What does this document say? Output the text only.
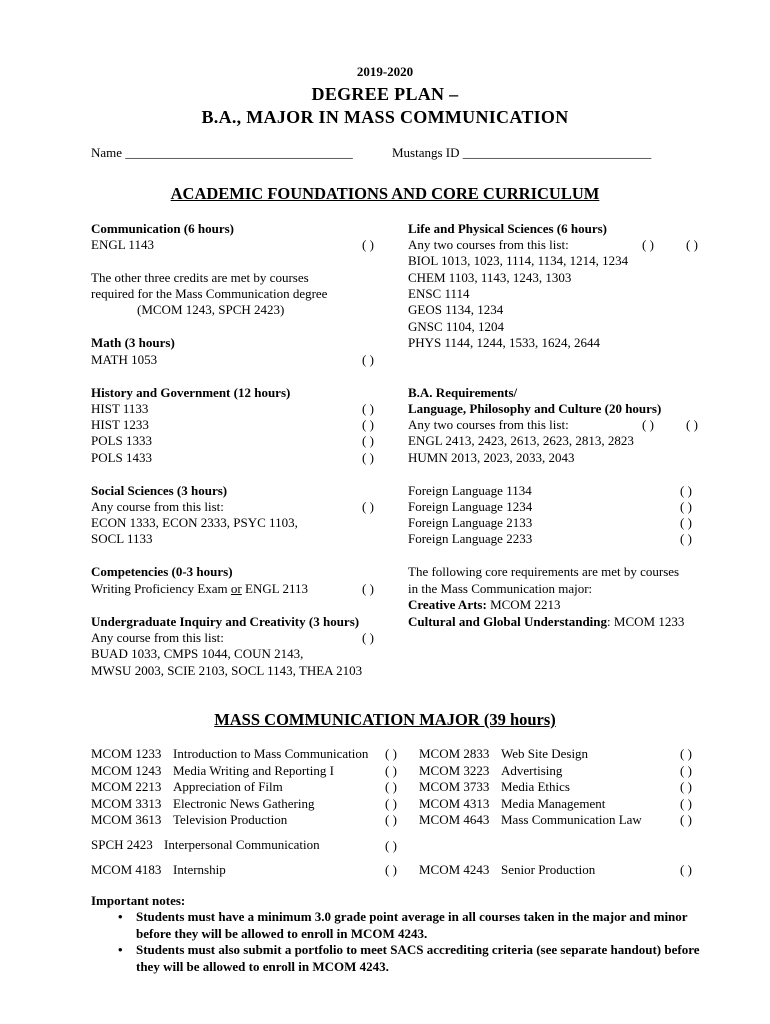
2019-2020
DEGREE PLAN –
B.A., MAJOR IN MASS COMMUNICATION
Name ___________________________________	Mustangs ID _____________________________
ACADEMIC FOUNDATIONS AND CORE CURRICULUM
Communication (6 hours)
ENGL 1143	( )
The other three credits are met by courses
required for the Mass Communication degree
(MCOM 1243, SPCH 2423)
Math (3 hours)
MATH 1053	( )
History and Government (12 hours)
HIST 1133	( )
HIST 1233	( )
POLS 1333	( )
POLS 1433	( )
Social Sciences (3 hours)
Any course from this list:	( )
ECON 1333, ECON 2333, PSYC 1103,
SOCL 1133
Competencies (0-3 hours)
Writing Proficiency Exam or ENGL 2113	( )
Undergraduate Inquiry and Creativity (3 hours)
Any course from this list:	( )
BUAD 1033, CMPS 1044, COUN 2143,
MWSU 2003, SCIE 2103, SOCL 1143, THEA 2103
Life and Physical Sciences (6 hours)
Any two courses from this list:	( ) ( )
BIOL 1013, 1023, 1114, 1134, 1214, 1234
CHEM 1103, 1143, 1243, 1303
ENSC 1114
GEOS 1134, 1234
GNSC 1104, 1204
PHYS 1144, 1244, 1533, 1624, 2644
B.A. Requirements/
Language, Philosophy and Culture (20 hours)
Any two courses from this list:	( ) ( )
ENGL 2413, 2423, 2613, 2623, 2813, 2823
HUMN 2013, 2023, 2033, 2043
Foreign Language 1134	( )
Foreign Language 1234	( )
Foreign Language 2133	( )
Foreign Language 2233	( )
The following core requirements are met by courses
in the Mass Communication major:
Creative Arts: MCOM 2213
Cultural and Global Understanding: MCOM 1233
MASS COMMUNICATION MAJOR (39 hours)
MCOM 1233 Introduction to Mass Communication ( )
MCOM 1243 Media Writing and Reporting I	( )
MCOM 2213 Appreciation of Film	( )
MCOM 3313 Electronic News Gathering	( )
MCOM 3613 Television Production	( )
MCOM 2833 Web Site Design	( )
MCOM 3223 Advertising	( )
MCOM 3733 Media Ethics	( )
MCOM 4313 Media Management	( )
MCOM 4643 Mass Communication Law	( )
SPCH 2423 Interpersonal Communication	( )
MCOM 4183 Internship	( ) MCOM 4243 Senior Production	( )
Important notes:
• Students must have a minimum 3.0 grade point average in all courses taken in the major and minor before they will be allowed to enroll in MCOM 4243.
• Students must also submit a portfolio to meet SACS accrediting criteria (see separate handout) before they will be allowed to enroll in MCOM 4243.
